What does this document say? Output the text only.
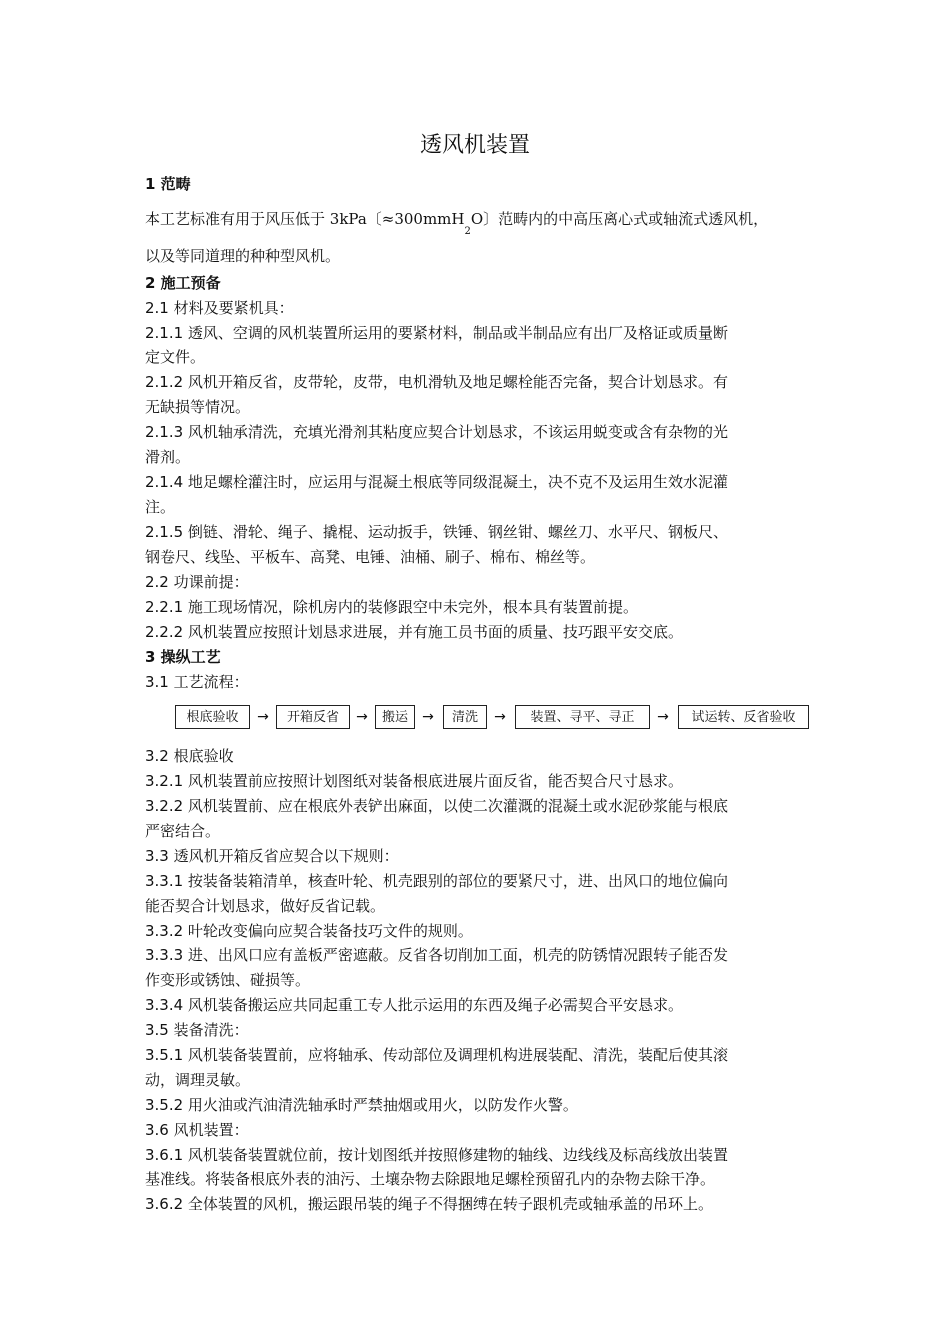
透风机装置
1 范畴
本工艺标准有用于风压低于 3kPa〔≈300mmH$_2$O〕范畴内的中高压离心式或轴流式透风机，
以及等同道理的种种型风机。
2 施工预备
2.1 材料及要紧机具：
2.1.1 透风、空调的风机装置所运用的要紧材料，制品或半制品应有出厂及格证或质量断
定文件。
2.1.2 风机开箱反省，皮带轮，皮带，电机滑轨及地足螺栓能否完备，契合计划恳求。有
无缺损等情况。
2.1.3 风机轴承清洗，充填光滑剂其粘度应契合计划恳求，不该运用蜕变或含有杂物的光
滑剂。
2.1.4 地足螺栓灌注时，应运用与混凝土根底等同级混凝土，决不克不及运用生效水泥灌
注。
2.1.5 倒链、滑轮、绳子、撬棍、运动扳手，铁锤、钢丝钳、螺丝刀、水平尺、钢板尺、
钢卷尺、线坠、平板车、高凳、电锤、油桶、刷子、棉布、棉丝等。
2.2 功课前提：
2.2.1 施工现场情况，除机房内的装修跟空中未完外，根本具有装置前提。
2.2.2 风机装置应按照计划恳求进展，并有施工员书面的质量、技巧跟平安交底。
3 操纵工艺
3.1 工艺流程：
根底验收	→	开箱反省	→	搬运	→	清洗	→	装置、寻平、寻正	→	试运转、反省验收
3.2 根底验收
3.2.1 风机装置前应按照计划图纸对装备根底进展片面反省，能否契合尺寸恳求。
3.2.2 风机装置前、应在根底外表铲出麻面，以使二次灌溉的混凝土或水泥砂浆能与根底
严密结合。
3.3 透风机开箱反省应契合以下规则：
3.3.1 按装备装箱清单，核查叶轮、机壳跟别的部位的要紧尺寸，进、出风口的地位偏向
能否契合计划恳求，做好反省记载。
3.3.2 叶轮改变偏向应契合装备技巧文件的规则。
3.3.3 进、出风口应有盖板严密遮蔽。反省各切削加工面，机壳的防锈情况跟转子能否发
作变形或锈蚀、碰损等。
3.3.4 风机装备搬运应共同起重工专人批示运用的东西及绳子必需契合平安恳求。
3.5 装备清洗：
3.5.1 风机装备装置前，应将轴承、传动部位及调理机构进展装配、清洗，装配后使其滚
动，调理灵敏。
3.5.2 用火油或汽油清洗轴承时严禁抽烟或用火，以防发作火警。
3.6 风机装置：
3.6.1 风机装备装置就位前，按计划图纸并按照修建物的轴线、边线线及标高线放出装置
基准线。将装备根底外表的油污、土壤杂物去除跟地足螺栓预留孔内的杂物去除干净。
3.6.2 全体装置的风机，搬运跟吊装的绳子不得捆缚在转子跟机壳或轴承盖的吊环上。
